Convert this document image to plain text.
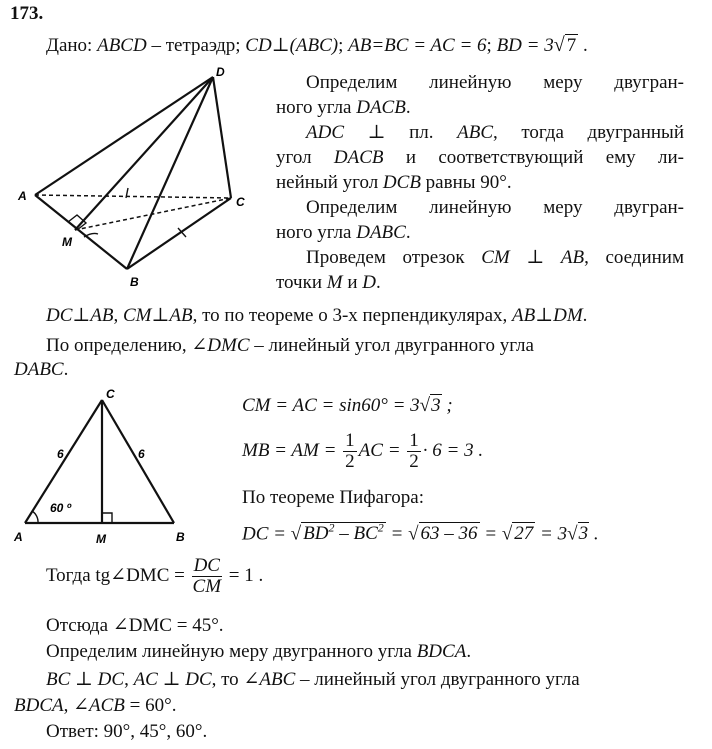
173.
Дано: ABCD – тетраэдр; CD⊥(ABC); AB=BC = AC = 6; BD = 3√ 7 .
D
A	C
M
B
Определим линейную меру двугран-
ного угла DACB.
ADC ⊥ пл. ABC, тогда двугранный
угол DACB и соответствующий ему ли-
нейный угол DCB равны 90°.
Определим линейную меру двугран-
ного угла DABC.
Проведем отрезок CM ⊥ AB, соединим
точки M и D.
DC⊥AB, CM⊥AB, то по теореме о 3-х перпендикулярах, AB⊥DM.
По определению, ∠DMC – линейный угол двугранного угла
DABC.
C
6	6
60 º
A	M	B
CM = AC = sin60° = 3√3 ;
MB = AM = $\frac{1}{2}$ AC = $\frac{1}{2} \cdot 6 = 3$ .
По теореме Пифагора:
DC = √ $BD^2 - BC^2$ = √ 63 – 36 = √ 27 = 3√3 .
Тогда tg∠DMC = $\frac{DC}{CM} = 1$ .
Отсюда ∠DMC = 45°.
Определим линейную меру двугранного угла BDCA.
BC ⊥ DC, AC ⊥ DC, то ∠ABC – линейный угол двугранного угла
BDCA, ∠ACB = 60°.
Ответ: 90°, 45°, 60°.
